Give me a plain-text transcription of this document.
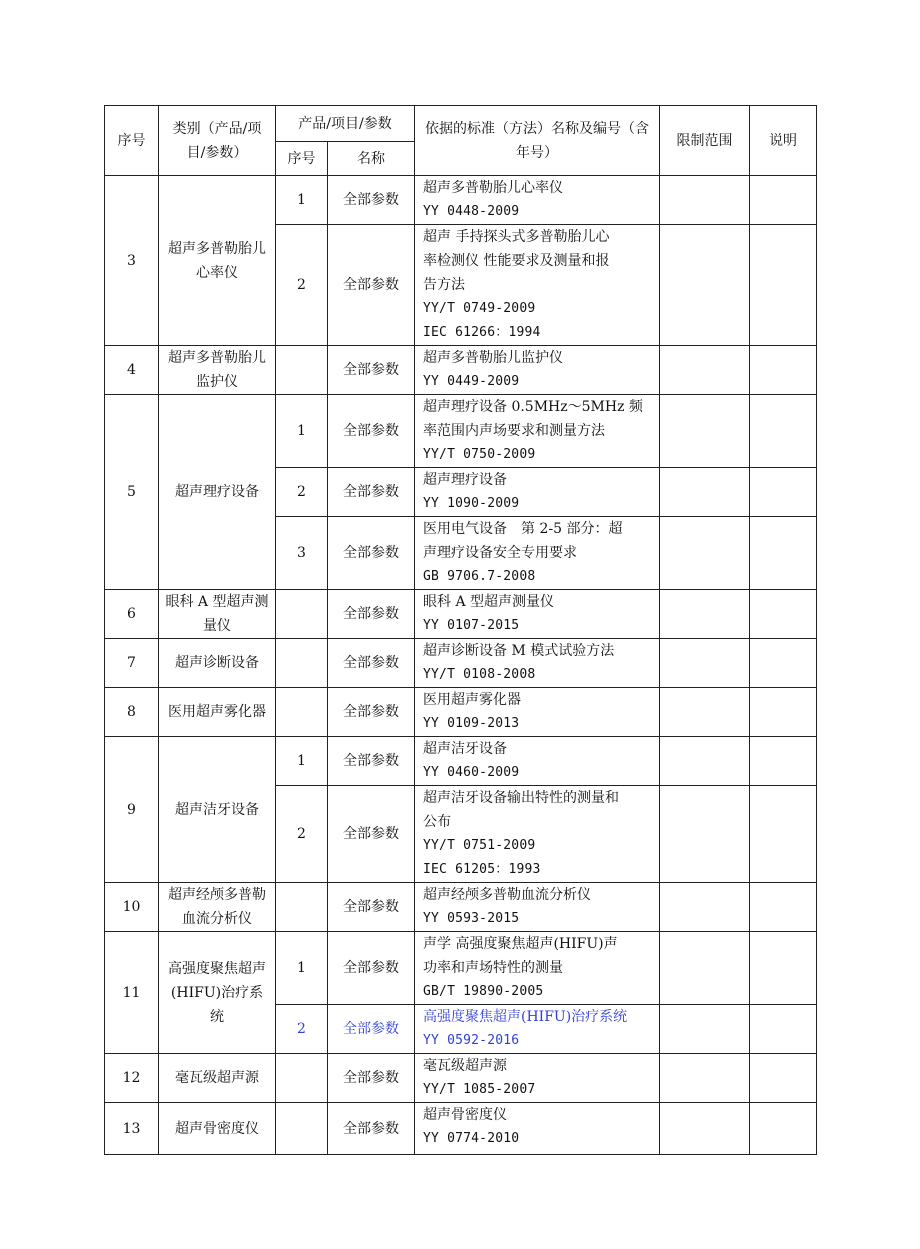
序号	类别（产品/项目/参数）	产品/项目/参数		依据的标准（方法）名称及编号（含年号）	限制范围	说明
		序号	名称			
3	超声多普勒胎儿心率仪	1	全部参数	超声多普勒胎儿心率仪
YY 0448-2009		

		2	全部参数	超声 手持探头式多普勒胎儿心
率检测仪 性能要求及测量和报
告方法
YY/T 0749-2009
IEC 61266：1994		

4	超声多普勒胎儿监护仪		全部参数	超声多普勒胎儿监护仪
YY 0449-2009		

5	超声理疗设备	1	全部参数	超声理疗设备 0.5MHz～5MHz 频
率范围内声场要求和测量方法
YY/T 0750-2009		

		2	全部参数	超声理疗设备
YY 1090-2009		

		3	全部参数	医用电气设备　第 2-5 部分：超
声理疗设备安全专用要求
GB 9706.7-2008		

6	眼科 A 型超声测量仪		全部参数	眼科 A 型超声测量仪
YY 0107-2015		

7	超声诊断设备		全部参数	超声诊断设备 M 模式试验方法
YY/T 0108-2008		

8	医用超声雾化器		全部参数	医用超声雾化器
YY 0109-2013		

9	超声洁牙设备	1	全部参数	超声洁牙设备
YY 0460-2009		

		2	全部参数	超声洁牙设备输出特性的测量和
公布
YY/T 0751-2009
IEC 61205：1993		

10	超声经颅多普勒血流分析仪		全部参数	超声经颅多普勒血流分析仪
YY 0593-2015		

11	高强度聚焦超声(HIFU)治疗系统	1	全部参数	声学 高强度聚焦超声(HIFU)声
功率和声场特性的测量
GB/T 19890-2005		

		2	全部参数	高强度聚焦超声(HIFU)治疗系统
YY 0592-2016		

12	毫瓦级超声源		全部参数	毫瓦级超声源
YY/T 1085-2007		

13	超声骨密度仪		全部参数	超声骨密度仪
YY 0774-2010		
